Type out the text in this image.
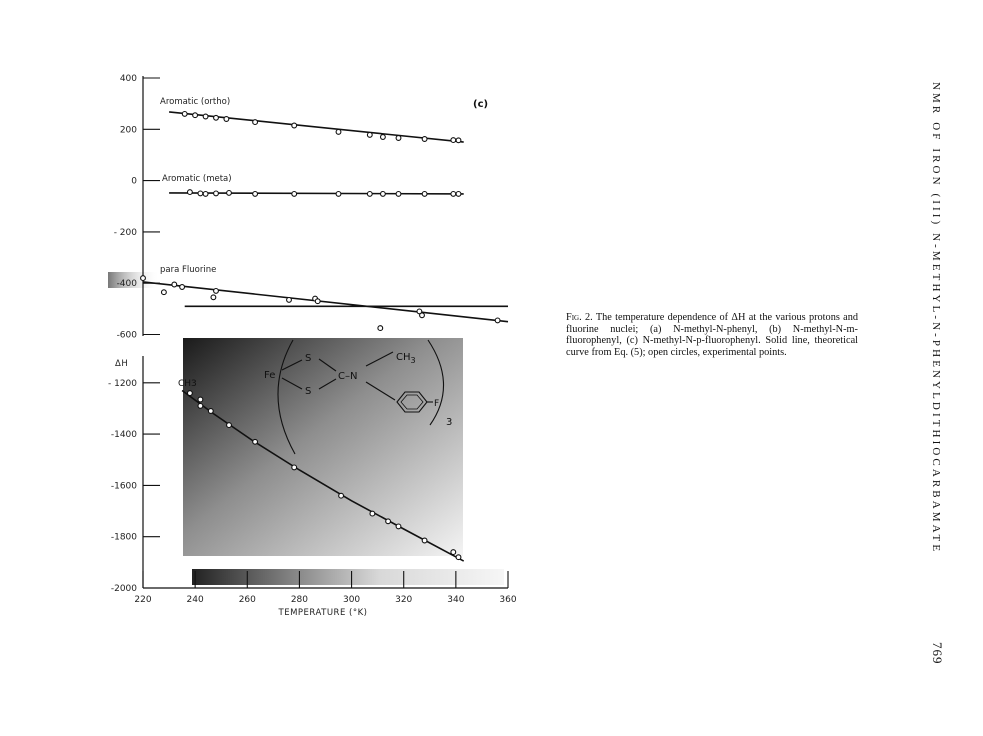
400
200
0
- 200
-400
-600
- 1200
-1400
-1600
-1800
-2000
220	240	260	280	300	320	340	360
ΔH
TEMPERATURE (°K)
(c)
Aromatic (ortho)
Aromatic (meta)
para Fluorine
CH3
Fe
S
S
C–N
$CH_3$
F
3
Fig. 2. The temperature dependence of ΔH at the various protons and fluorine nuclei; (a) N-methyl-N-phenyl, (b) N-methyl-N-m-fluorophenyl, (c) N-methyl-N-p-fluorophenyl. Solid line, theoretical curve from Eq. (5); open circles, experimental points.	NMR OF IRON (III) N-METHYL-N-PHENYLDITHIOCARBAMATE
769
